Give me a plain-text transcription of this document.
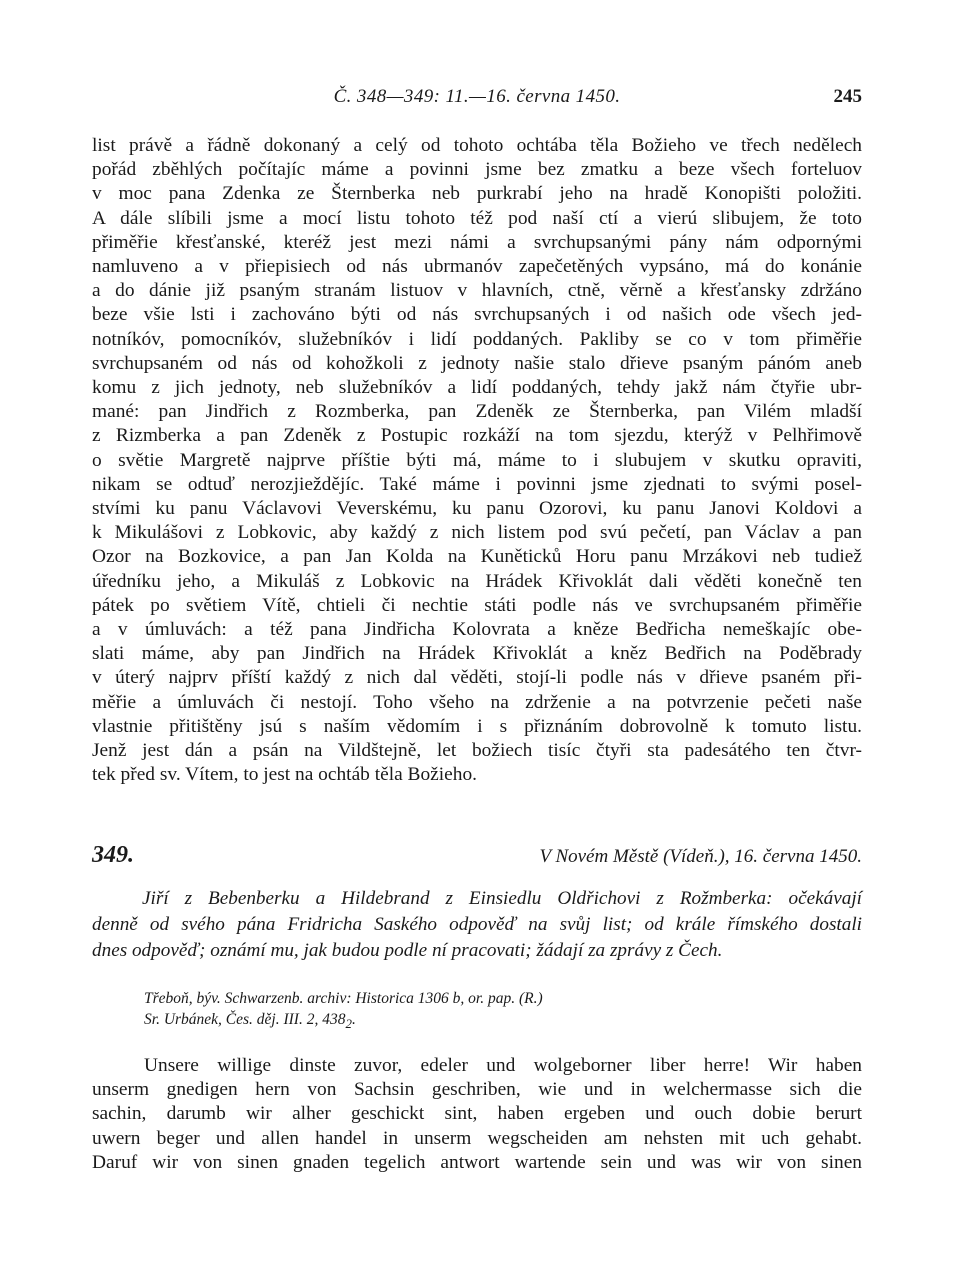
Č. 348—349: 11.—16. června 1450.	245
list právě a řádně dokonaný a celý od tohoto ochtába těla Božieho ve třech nedělech
pořád zběhlých počítajíc máme a povinni jsme bez zmatku a beze všech forteluov
v moc pana Zdenka ze Šternberka neb purkrabí jeho na hradě Konopišti položiti.
A dále slíbili jsme a mocí listu tohoto též pod naší ctí a vierú slibujem, že toto
přiměřie křesťanské, kteréž jest mezi námi a svrchupsanými pány nám odpornými
namluveno a v přiepisiech od nás ubrmanóv zapečetěných vypsáno, má do konánie
a do dánie již psaným stranám listuov v hlavních, ctně, věrně a křesťansky zdržáno
beze všie lsti i zachováno býti od nás svrchupsaných i od našich ode všech jed-
notníkóv, pomocníkóv, služebníkóv i lidí poddaných. Pakliby se co v tom přiměřie
svrchupsaném od nás od kohožkoli z jednoty našie stalo dřieve psaným pánóm aneb
komu z jich jednoty, neb služebníkóv a lidí poddaných, tehdy jakž nám čtyřie ubr-
mané: pan Jindřich z Rozmberka, pan Zdeněk ze Šternberka, pan Vilém mladší
z Rizmberka a pan Zdeněk z Postupic rozkáží na tom sjezdu, kterýž v Pelhřimově
o světie Margretě najprve příštie býti má, máme to i slubujem v skutku opraviti,
nikam se odtuď nerozjieždějíc. Také máme i povinni jsme zjednati to svými posel-
stvími ku panu Václavovi Veverskému, ku panu Ozorovi, ku panu Janovi Koldovi a
k Mikulášovi z Lobkovic, aby každý z nich listem pod svú pečetí, pan Václav a pan
Ozor na Bozkovice, a pan Jan Kolda na Kuněticků Horu panu Mrzákovi neb tudiež
úředníku jeho, a Mikuláš z Lobkovic na Hrádek Křivoklát dali věděti konečně ten
pátek po světiem Vítě, chtieli či nechtie státi podle nás ve svrchupsaném přiměřie
a v úmluvách: a též pana Jindřicha Kolovrata a kněze Bedřicha nemeškajíc obe-
slati máme, aby pan Jindřich na Hrádek Křivoklát a kněz Bedřich na Poděbrady
v úterý najprv příští každý z nich dal věděti, stojí-li podle nás v dřieve psaném při-
měřie a úmluvách či nestojí. Toho všeho na zdrženie a na potvrzenie pečeti naše
vlastnie přitištěny jsú s naším vědomím i s přiznáním dobrovolně k tomuto listu.
Jenž jest dán a psán na Vildštejně, let božiech tisíc čtyři sta padesátého ten čtvr-
tek před sv. Vítem, to jest na ochtáb těla Božieho.
349.	V Novém Městě (Vídeň.), 16. června 1450.
Jiří z Bebenberku a Hildebrand z Einsiedlu Oldřichovi z Rožmberka: očekávají
denně od svého pána Fridricha Saského odpověď na svůj list; od krále římského dostali
dnes odpověď; oznámí mu, jak budou podle ní pracovati; žádají za zprávy z Čech.
Třeboň, býv. Schwarzenb. archiv: Historica 1306 b, or. pap. (R.)
Sr. Urbánek, Čes. děj. III. 2, $438_2$.
Unsere willige dinste zuvor, edeler und wolgeborner liber herre! Wir haben
unserm gnedigen hern von Sachsin geschriben, wie und in welchermasse sich die
sachin, darumb wir alher geschickt sint, haben ergeben und ouch dobie berurt
uwern beger und allen handel in unserm wegscheiden am nehsten mit uch gehabt.
Daruf wir von sinen gnaden tegelich antwort wartende sein und was wir von sinen
